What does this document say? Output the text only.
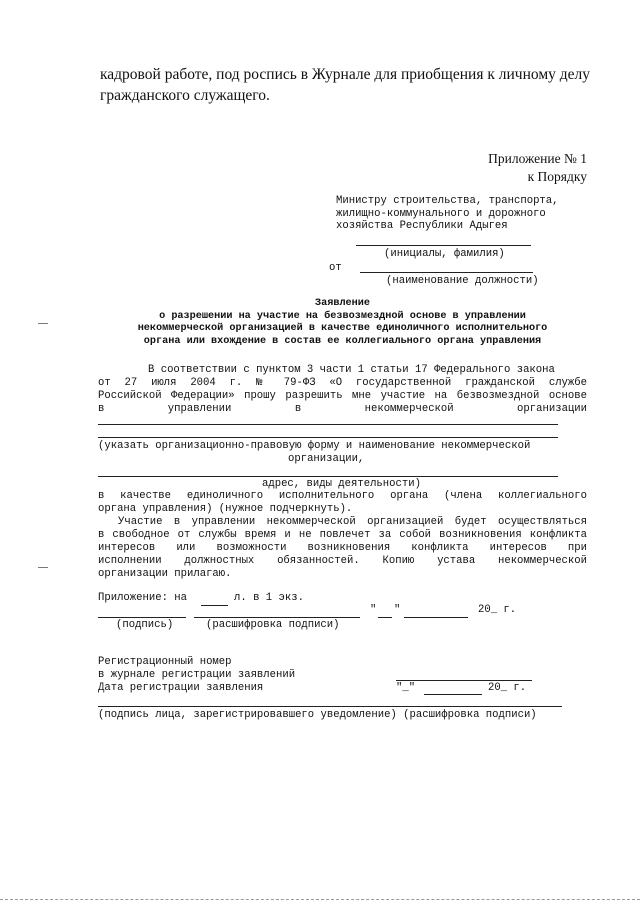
кадровой работе, под роспись в Журнале для приобщения к личному делу
гражданского служащего.
Приложение № 1
к Порядку
Министру строительства, транспорта,
жилищно-коммунального и дорожного
хозяйства Республики Адыгея
(инициалы, фамилия)
от
(наименование должности)
Заявление
о разрешении на участие на безвозмездной основе в управлении
некоммерческой организацией в качестве единоличного исполнительного
органа или вхождение в состав ее коллегиального органа управления
В соответствии с пунктом 3 части 1 статьи 17 Федерального закона
от 27 июля 2004 г. № 79-ФЗ «О государственной гражданской службе
Российской Федерации» прошу разрешить мне участие на безвозмездной основе
в управлении в некоммерческой организации
(указать организационно-правовую форму и наименование некоммерческой
организации,
адрес, виды деятельности)
в качестве единоличного исполнительного органа (члена коллегиального
органа управления) (нужное подчеркнуть).
Участие в управлении некоммерческой организацией будет осуществляться
в свободное от службы время и не повлечет за собой возникновения конфликта
интересов или возможности возникновения конфликта интересов при
исполнении должностных обязанностей. Копию устава некоммерческой
организации прилагаю.
Приложение: на	л. в 1 экз.
" "	20_ г.
(подпись)	(расшифровка подписи)
Регистрационный номер
в журнале регистрации заявлений
Дата регистрации заявления	"_"	20_ г.
(подпись лица, зарегистрировавшего уведомление) (расшифровка подписи)
